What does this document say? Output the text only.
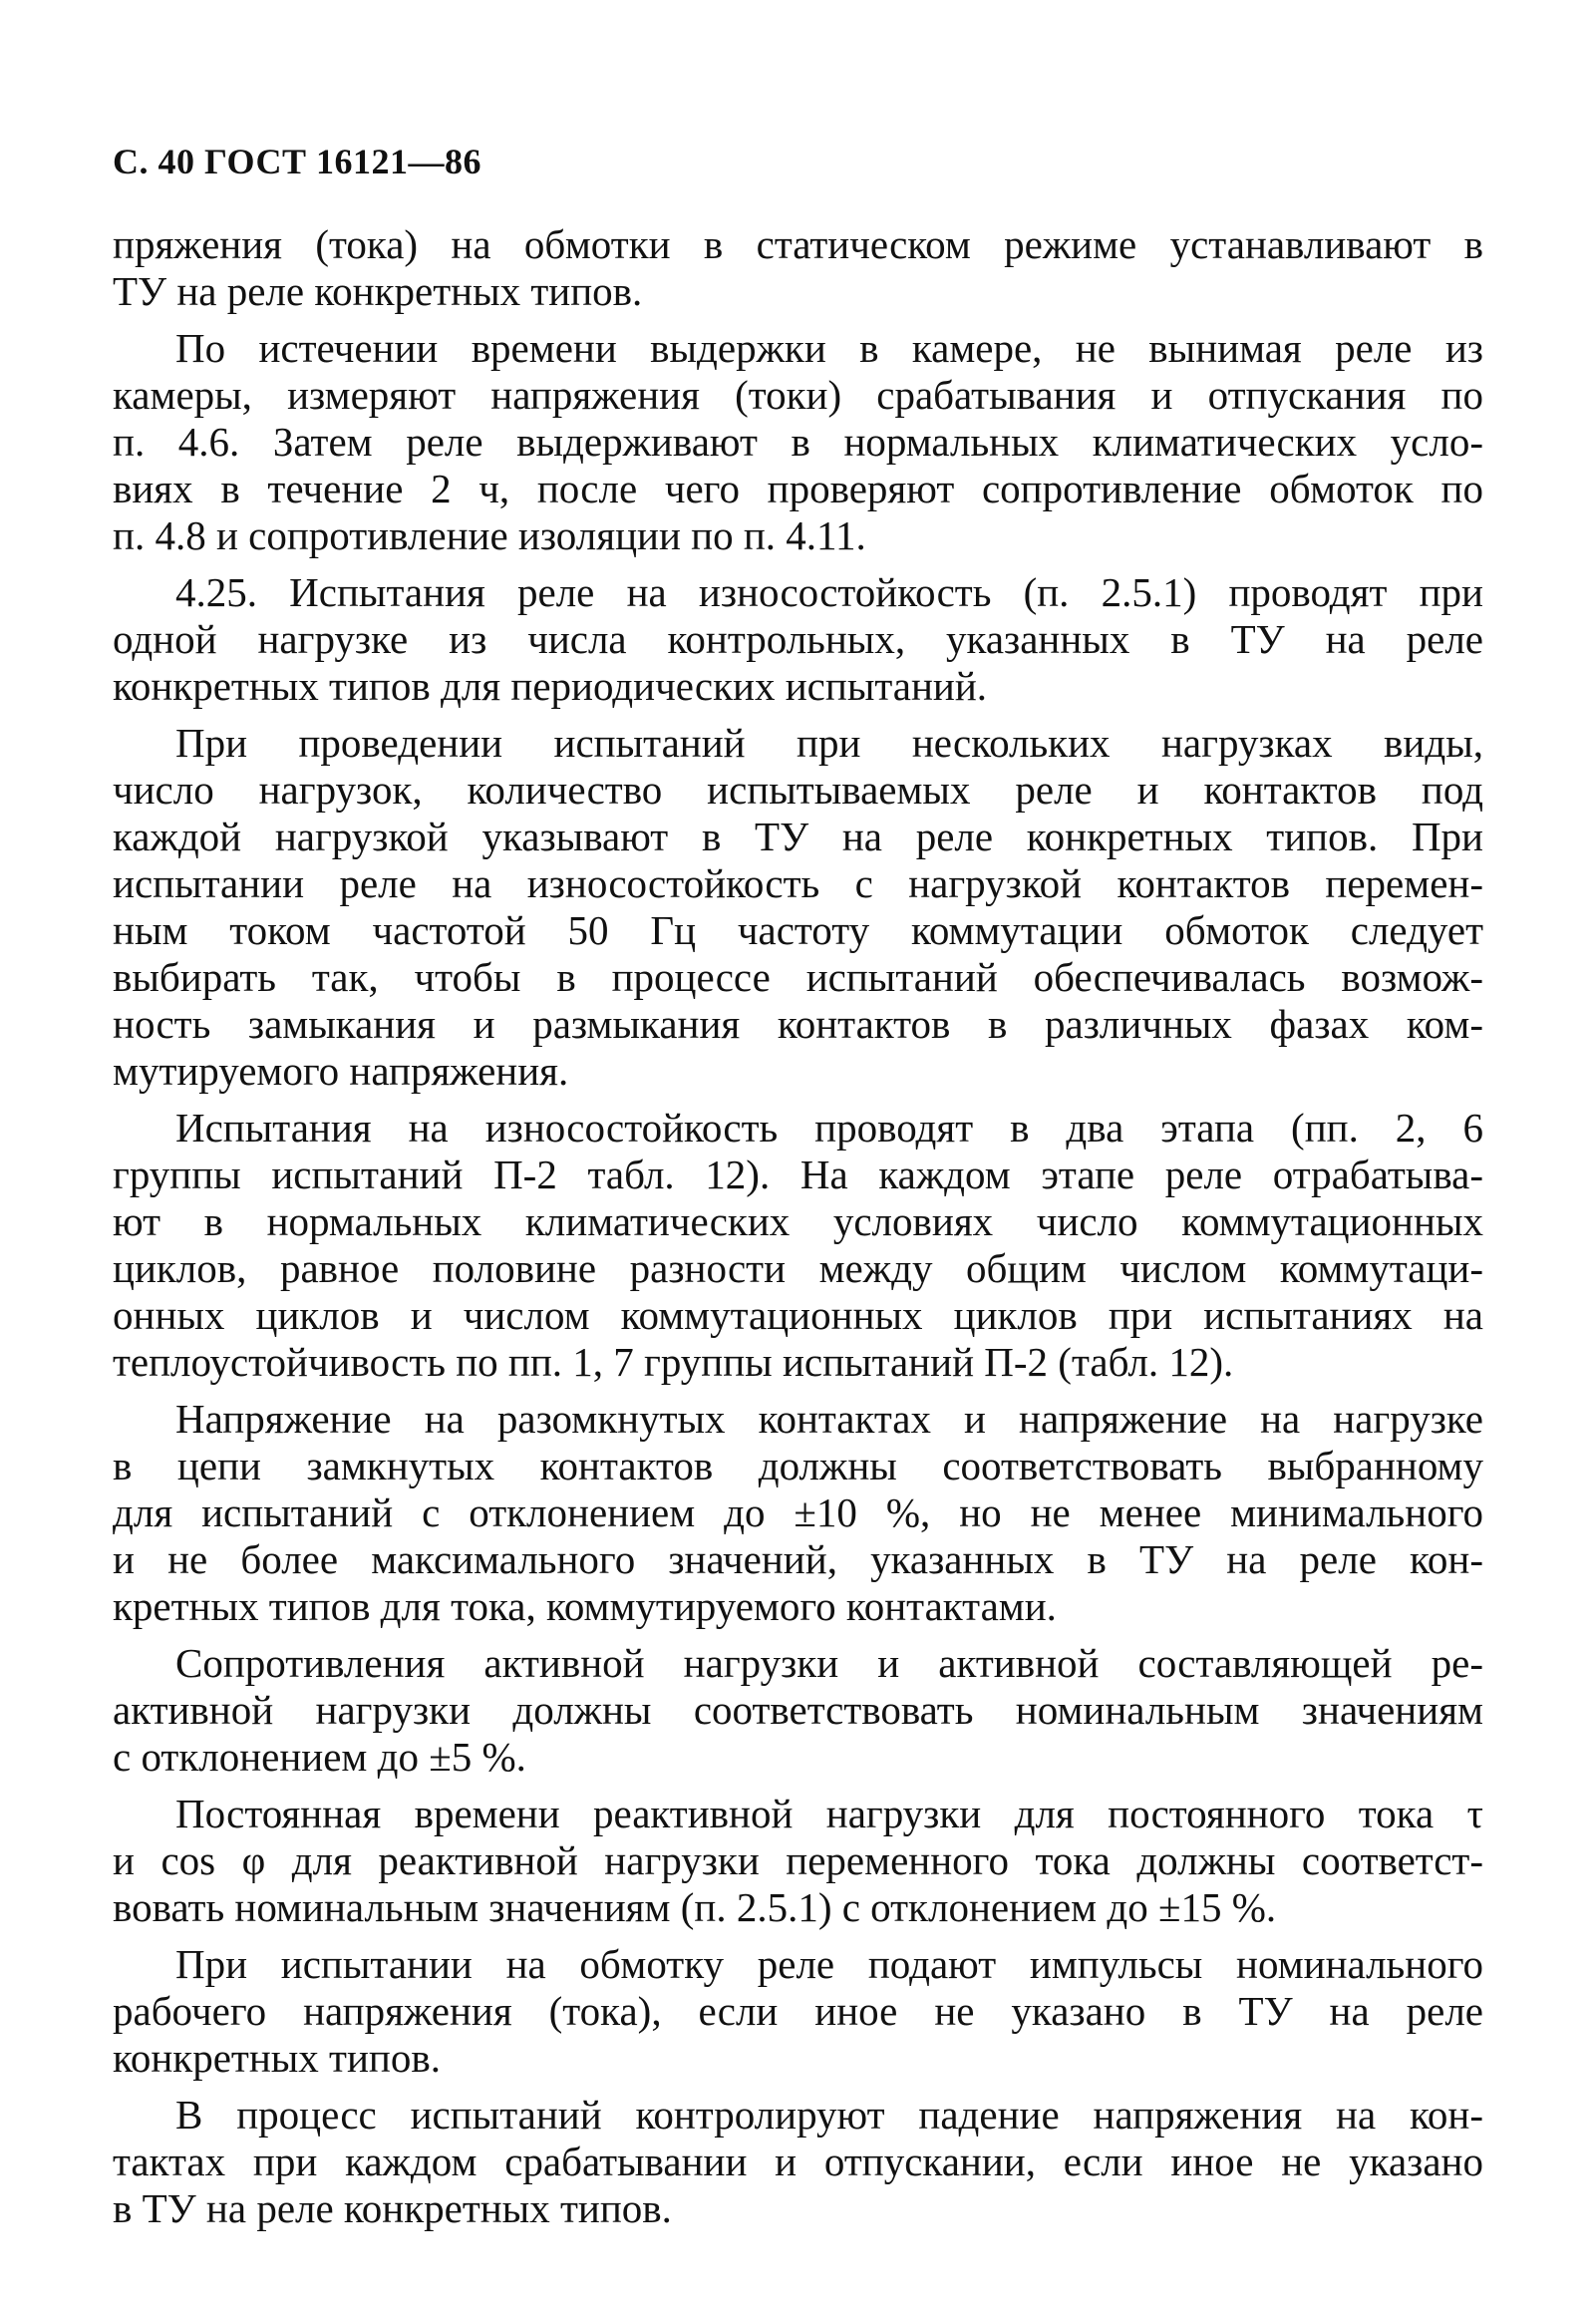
С. 40 ГОСТ 16121—86
пряжения (тока) на обмотки в статическом режиме устанавливают в
ТУ на реле конкретных типов.
По истечении времени выдержки в камере, не вынимая реле из
камеры, измеряют напряжения (токи) срабатывания и отпускания по
п. 4.6. Затем реле выдерживают в нормальных климатических усло-
виях в течение 2 ч, после чего проверяют сопротивление обмоток по
п. 4.8 и сопротивление изоляции по п. 4.11.
4.25. Испытания реле на износостойкость (п. 2.5.1) проводят при
одной нагрузке из числа контрольных, указанных в ТУ на реле
конкретных типов для периодических испытаний.
При проведении испытаний при нескольких нагрузках виды,
число нагрузок, количество испытываемых реле и контактов под
каждой нагрузкой указывают в ТУ на реле конкретных типов. При
испытании реле на износостойкость с нагрузкой контактов перемен-
ным током частотой 50 Гц частоту коммутации обмоток следует
выбирать так, чтобы в процессе испытаний обеспечивалась возмож-
ность замыкания и размыкания контактов в различных фазах ком-
мутируемого напряжения.
Испытания на износостойкость проводят в два этапа (пп. 2, 6
группы испытаний П-2 табл. 12). На каждом этапе реле отрабатыва-
ют в нормальных климатических условиях число коммутационных
циклов, равное половине разности между общим числом коммутаци-
онных циклов и числом коммутационных циклов при испытаниях на
теплоустойчивость по пп. 1, 7 группы испытаний П-2 (табл. 12).
Напряжение на разомкнутых контактах и напряжение на нагрузке
в цепи замкнутых контактов должны соответствовать выбранному
для испытаний с отклонением до ±10 %, но не менее минимального
и не более максимального значений, указанных в ТУ на реле кон-
кретных типов для тока, коммутируемого контактами.
Сопротивления активной нагрузки и активной составляющей ре-
активной нагрузки должны соответствовать номинальным значениям
с отклонением до ±5 %.
Постоянная времени реактивной нагрузки для постоянного тока τ
и cos φ для реактивной нагрузки переменного тока должны соответст-
вовать номинальным значениям (п. 2.5.1) с отклонением до ±15 %.
При испытании на обмотку реле подают импульсы номинального
рабочего напряжения (тока), если иное не указано в ТУ на реле
конкретных типов.
В процесс испытаний контролируют падение напряжения на кон-
тактах при каждом срабатывании и отпускании, если иное не указано
в ТУ на реле конкретных типов.
